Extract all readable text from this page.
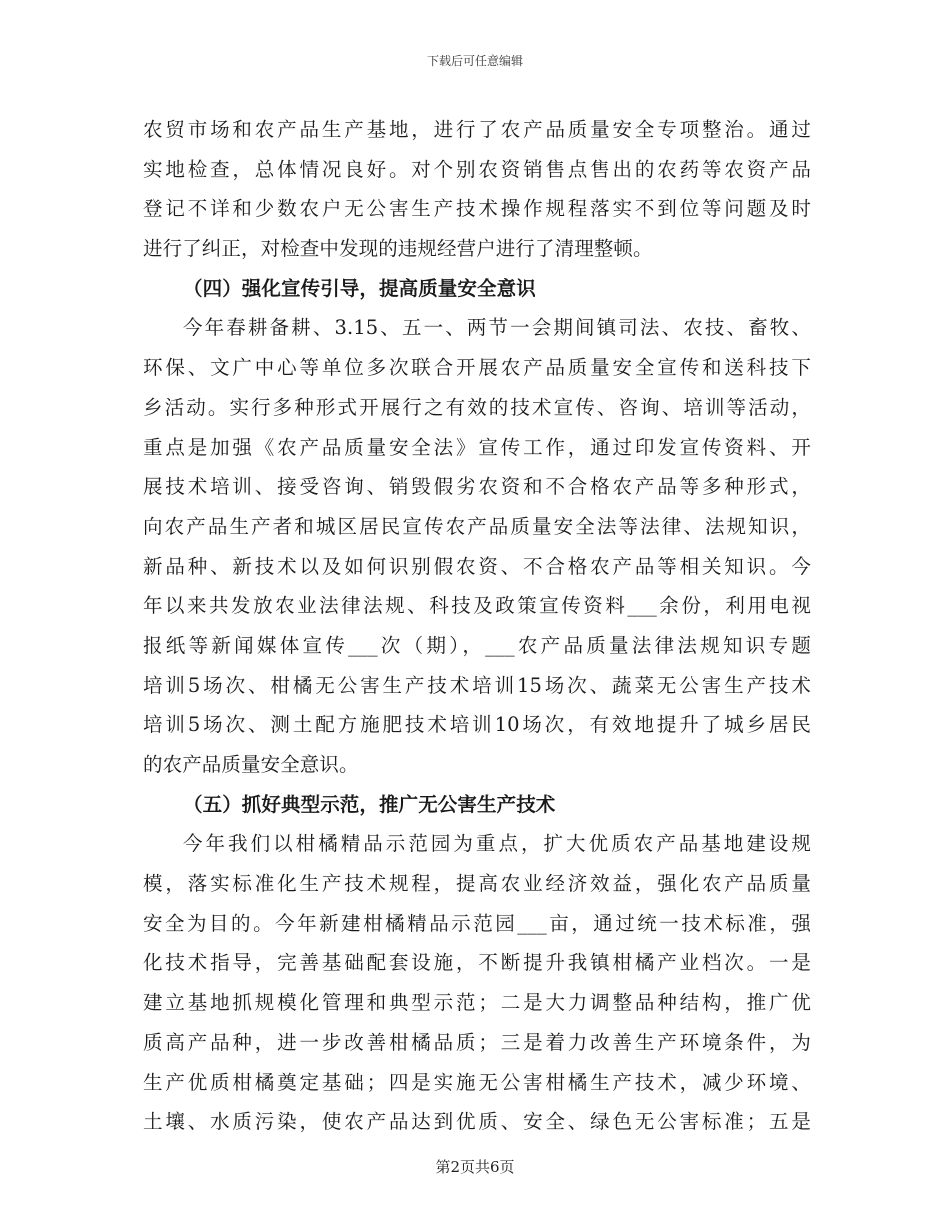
下载后可任意编辑
农贸市场和农产品生产基地，进行了农产品质量安全专项整治。通过
实地检查，总体情况良好。对个别农资销售点售出的农药等农资产品
登记不详和少数农户无公害生产技术操作规程落实不到位等问题及时
进行了纠正，对检查中发现的违规经营户进行了清理整顿。
（四）强化宣传引导，提高质量安全意识
今年春耕备耕、3.15、五一、两节一会期间镇司法、农技、畜牧、
环保、文广中心等单位多次联合开展农产品质量安全宣传和送科技下
乡活动。实行多种形式开展行之有效的技术宣传、咨询、培训等活动，
重点是加强《农产品质量安全法》宣传工作，通过印发宣传资料、开
展技术培训、接受咨询、销毁假劣农资和不合格农产品等多种形式，
向农产品生产者和城区居民宣传农产品质量安全法等法律、法规知识，
新品种、新技术以及如何识别假农资、不合格农产品等相关知识。今
年以来共发放农业法律法规、科技及政策宣传资料___余份，利用电视
报纸等新闻媒体宣传___次（期），___农产品质量法律法规知识专题
培训5场次、柑橘无公害生产技术培训15场次、蔬菜无公害生产技术
培训5场次、测土配方施肥技术培训10场次，有效地提升了城乡居民
的农产品质量安全意识。
（五）抓好典型示范，推广无公害生产技术
今年我们以柑橘精品示范园为重点，扩大优质农产品基地建设规
模，落实标准化生产技术规程，提高农业经济效益，强化农产品质量
安全为目的。今年新建柑橘精品示范园___亩，通过统一技术标准，强
化技术指导，完善基础配套设施，不断提升我镇柑橘产业档次。一是
建立基地抓规模化管理和典型示范；二是大力调整品种结构，推广优
质高产品种，进一步改善柑橘品质；三是着力改善生产环境条件，为
生产优质柑橘奠定基础；四是实施无公害柑橘生产技术，减少环境、
土壤、水质污染，使农产品达到优质、安全、绿色无公害标准；五是
第2页共6页
